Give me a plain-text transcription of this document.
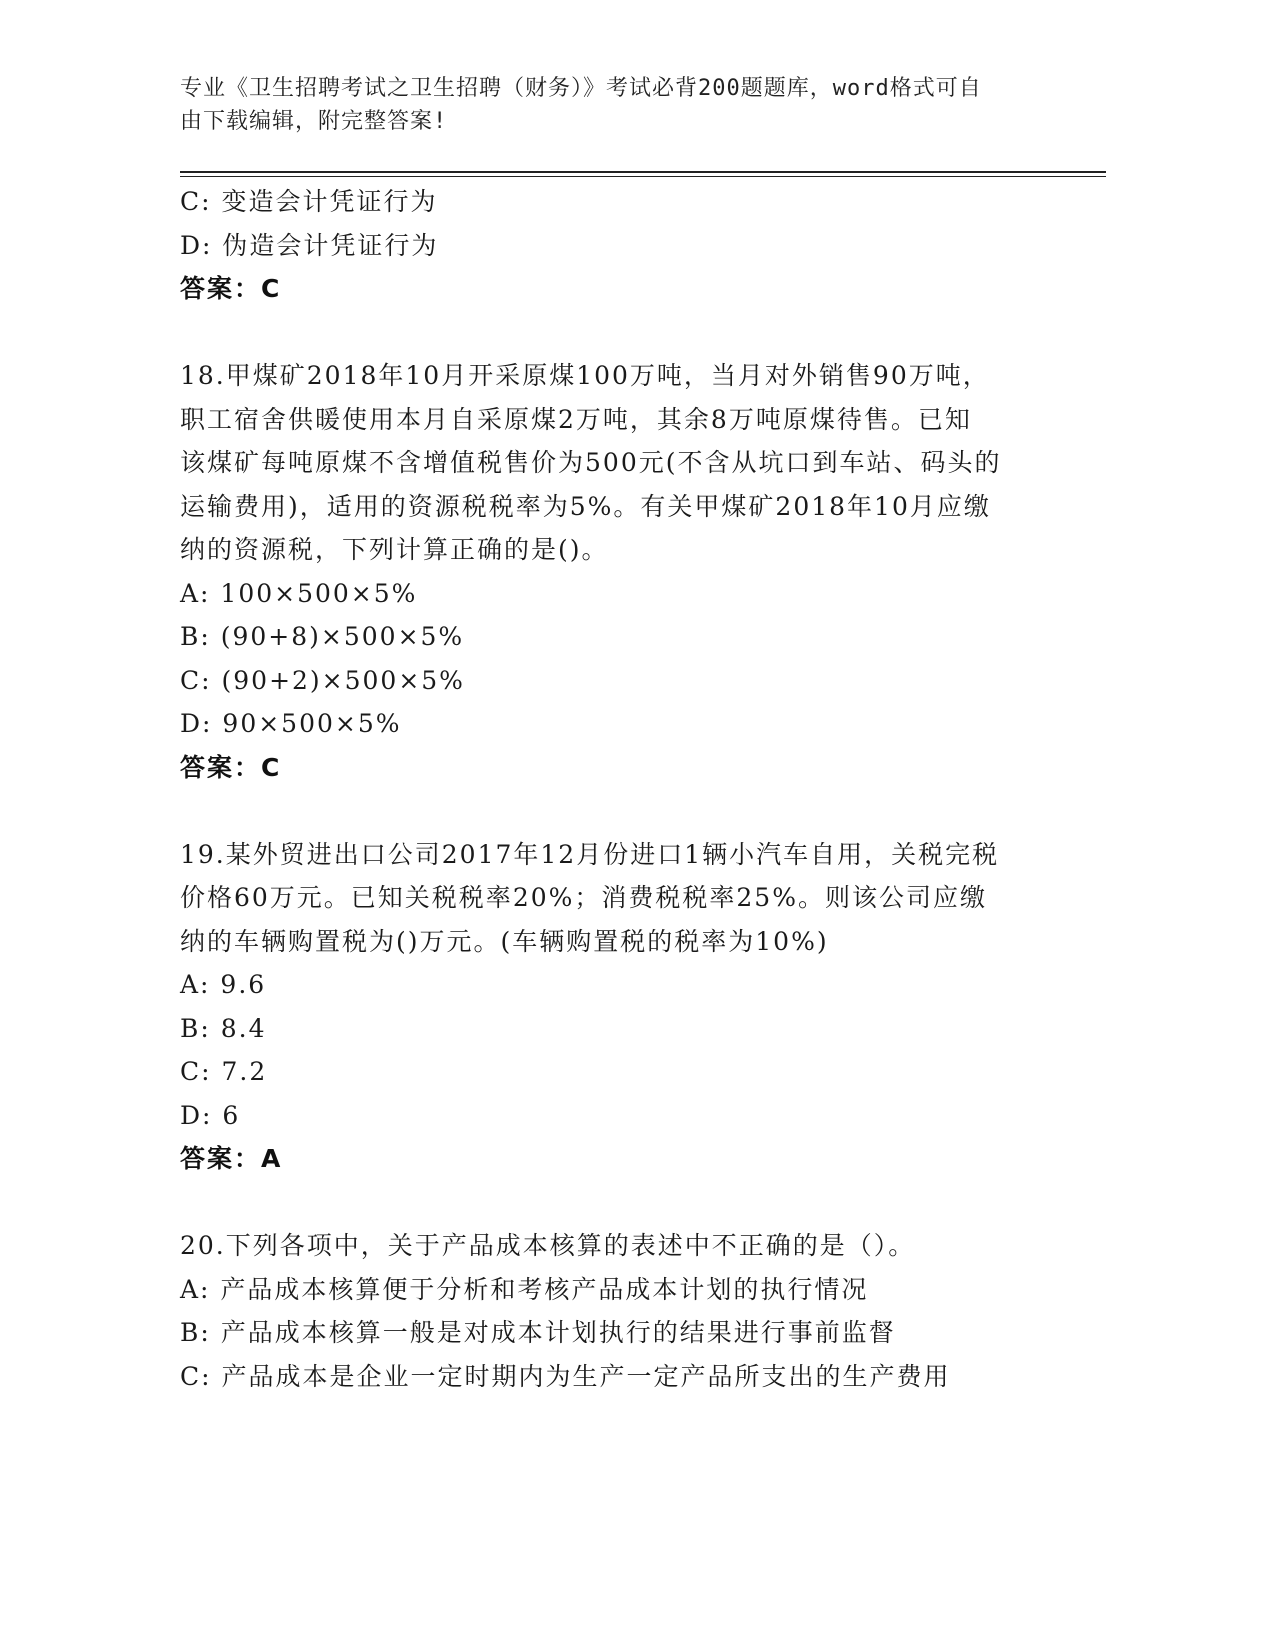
专业《卫生招聘考试之卫生招聘（财务）》考试必背200题题库，word格式可自
由下载编辑，附完整答案!
C: 变造会计凭证行为
D: 伪造会计凭证行为
答案：C
18.甲煤矿2018年10月开采原煤100万吨，当月对外销售90万吨，
职工宿舍供暖使用本月自采原煤2万吨，其余8万吨原煤待售。已知
该煤矿每吨原煤不含增值税售价为500元(不含从坑口到车站、码头的
运输费用)，适用的资源税税率为5%。有关甲煤矿2018年10月应缴
纳的资源税，下列计算正确的是()。
A: 100×500×5%
B: (90+8)×500×5%
C: (90+2)×500×5%
D: 90×500×5%
答案：C
19.某外贸进出口公司2017年12月份进口1辆小汽车自用，关税完税
价格60万元。已知关税税率20%；消费税税率25%。则该公司应缴
纳的车辆购置税为()万元。(车辆购置税的税率为10%)
A: 9.6
B: 8.4
C: 7.2
D: 6
答案：A
20.下列各项中，关于产品成本核算的表述中不正确的是（）。
A: 产品成本核算便于分析和考核产品成本计划的执行情况
B: 产品成本核算一般是对成本计划执行的结果进行事前监督
C: 产品成本是企业一定时期内为生产一定产品所支出的生产费用
